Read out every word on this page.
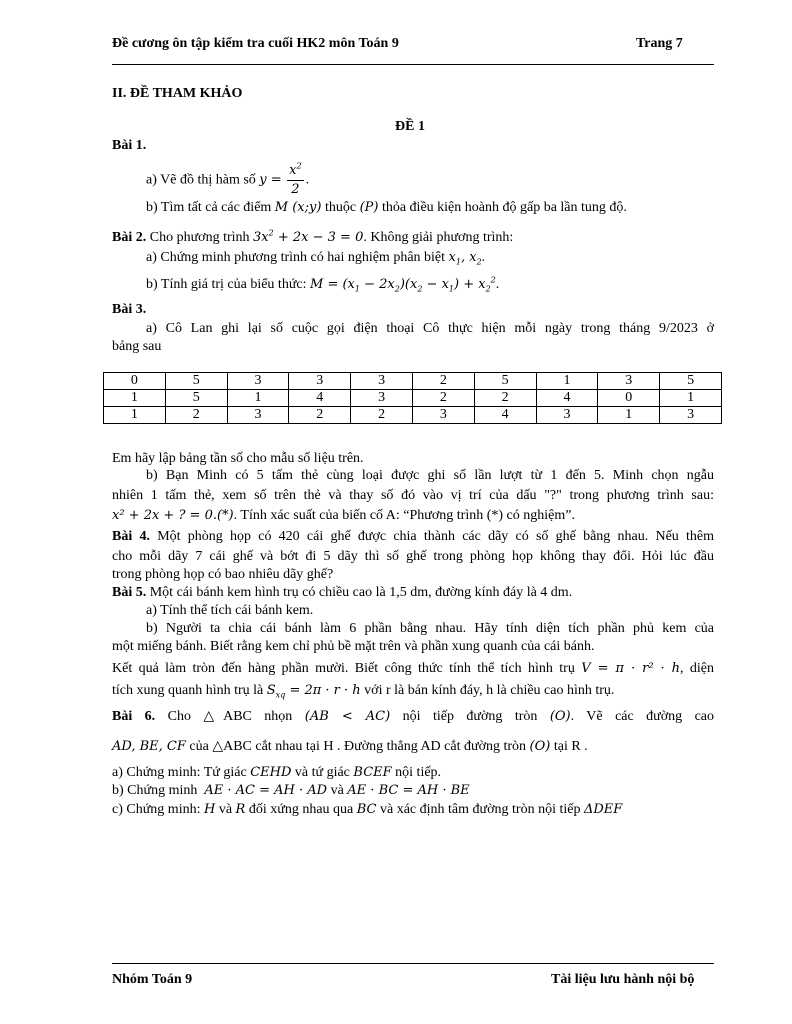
Đề cương ôn tập kiểm tra cuối HK2 môn Toán 9	Trang 7
II. ĐỀ THAM KHẢO
ĐỀ 1
Bài 1.
a) Vẽ đồ thị hàm số $y = \frac{x^2}{2}$ .
b) Tìm tất cả các điểm M (x;y) thuộc (P) thỏa điều kiện hoành độ gấp ba lần tung độ.
Bài 2. Cho phương trình $3x^2 + 2x - 3 = 0$. Không giải phương trình:
a) Chứng minh phương trình có hai nghiệm phân biệt $x_1$, $x_2$.
b) Tính giá trị của biểu thức: $M = (x_1 - 2x_2)(x_2 - x_1) + x_2^2$.
Bài 3.
a) Cô Lan ghi lại số cuộc gọi điện thoại Cô thực hiện mỗi ngày trong tháng 9/2023 ở
bảng sau
0	5	3	3	3	2	5	1	3	5
1	5	1	4	3	2	2	4	0	1
1	2	3	2	2	3	4	3	1	3
Em hãy lập bảng tần số cho mẫu số liệu trên.
b) Bạn Minh có 5 tấm thẻ cùng loại được ghi số lần lượt từ 1 đến 5. Minh chọn ngẫu
nhiên 1 tấm thẻ, xem số trên thẻ và thay số đó vào vị trí của dấu "?" trong phương trình sau:
x² + 2x + ? = 0.(*). Tính xác suất của biến cố A: “Phương trình (*) có nghiệm”.
Bài 4. Một phòng họp có 420 cái ghế được chia thành các dãy có số ghế bằng nhau. Nếu thêm
cho mỗi dãy 7 cái ghế và bớt đi 5 dãy thì số ghế trong phòng họp không thay đổi. Hỏi lúc đầu
trong phòng họp có bao nhiêu dãy ghế?
Bài 5. Một cái bánh kem hình trụ có chiều cao là 1,5 dm, đường kính đáy là 4 dm.
a) Tính thể tích cái bánh kem.
b) Người ta chia cái bánh làm 6 phần bằng nhau. Hãy tính diện tích phần phủ kem của
một miếng bánh. Biết rằng kem chỉ phủ bề mặt trên và phần xung quanh của cái bánh.
Kết quả làm tròn đến hàng phần mười. Biết công thức tính thể tích hình trụ V = π · r² · h, diện
tích xung quanh hình trụ là $S_{xq} = 2\pi \cdot r \cdot h$ với r là bán kính đáy, h là chiều cao hình trụ.
Bài 6. Cho △ABC nhọn (AB < AC) nội tiếp đường tròn (O). Vẽ các đường cao
AD, BE, CF của △ABC cắt nhau tại H . Đường thẳng AD cắt đường tròn (O) tại R .
a) Chứng minh: Tứ giác CEHD và tứ giác BCEF nội tiếp.
b) Chứng minh AE · AC = AH · AD và AE · BC = AH · BE
c) Chứng minh: H và R đối xứng nhau qua BC và xác định tâm đường tròn nội tiếp ΔDEF
Nhóm Toán 9	Tài liệu lưu hành nội bộ
